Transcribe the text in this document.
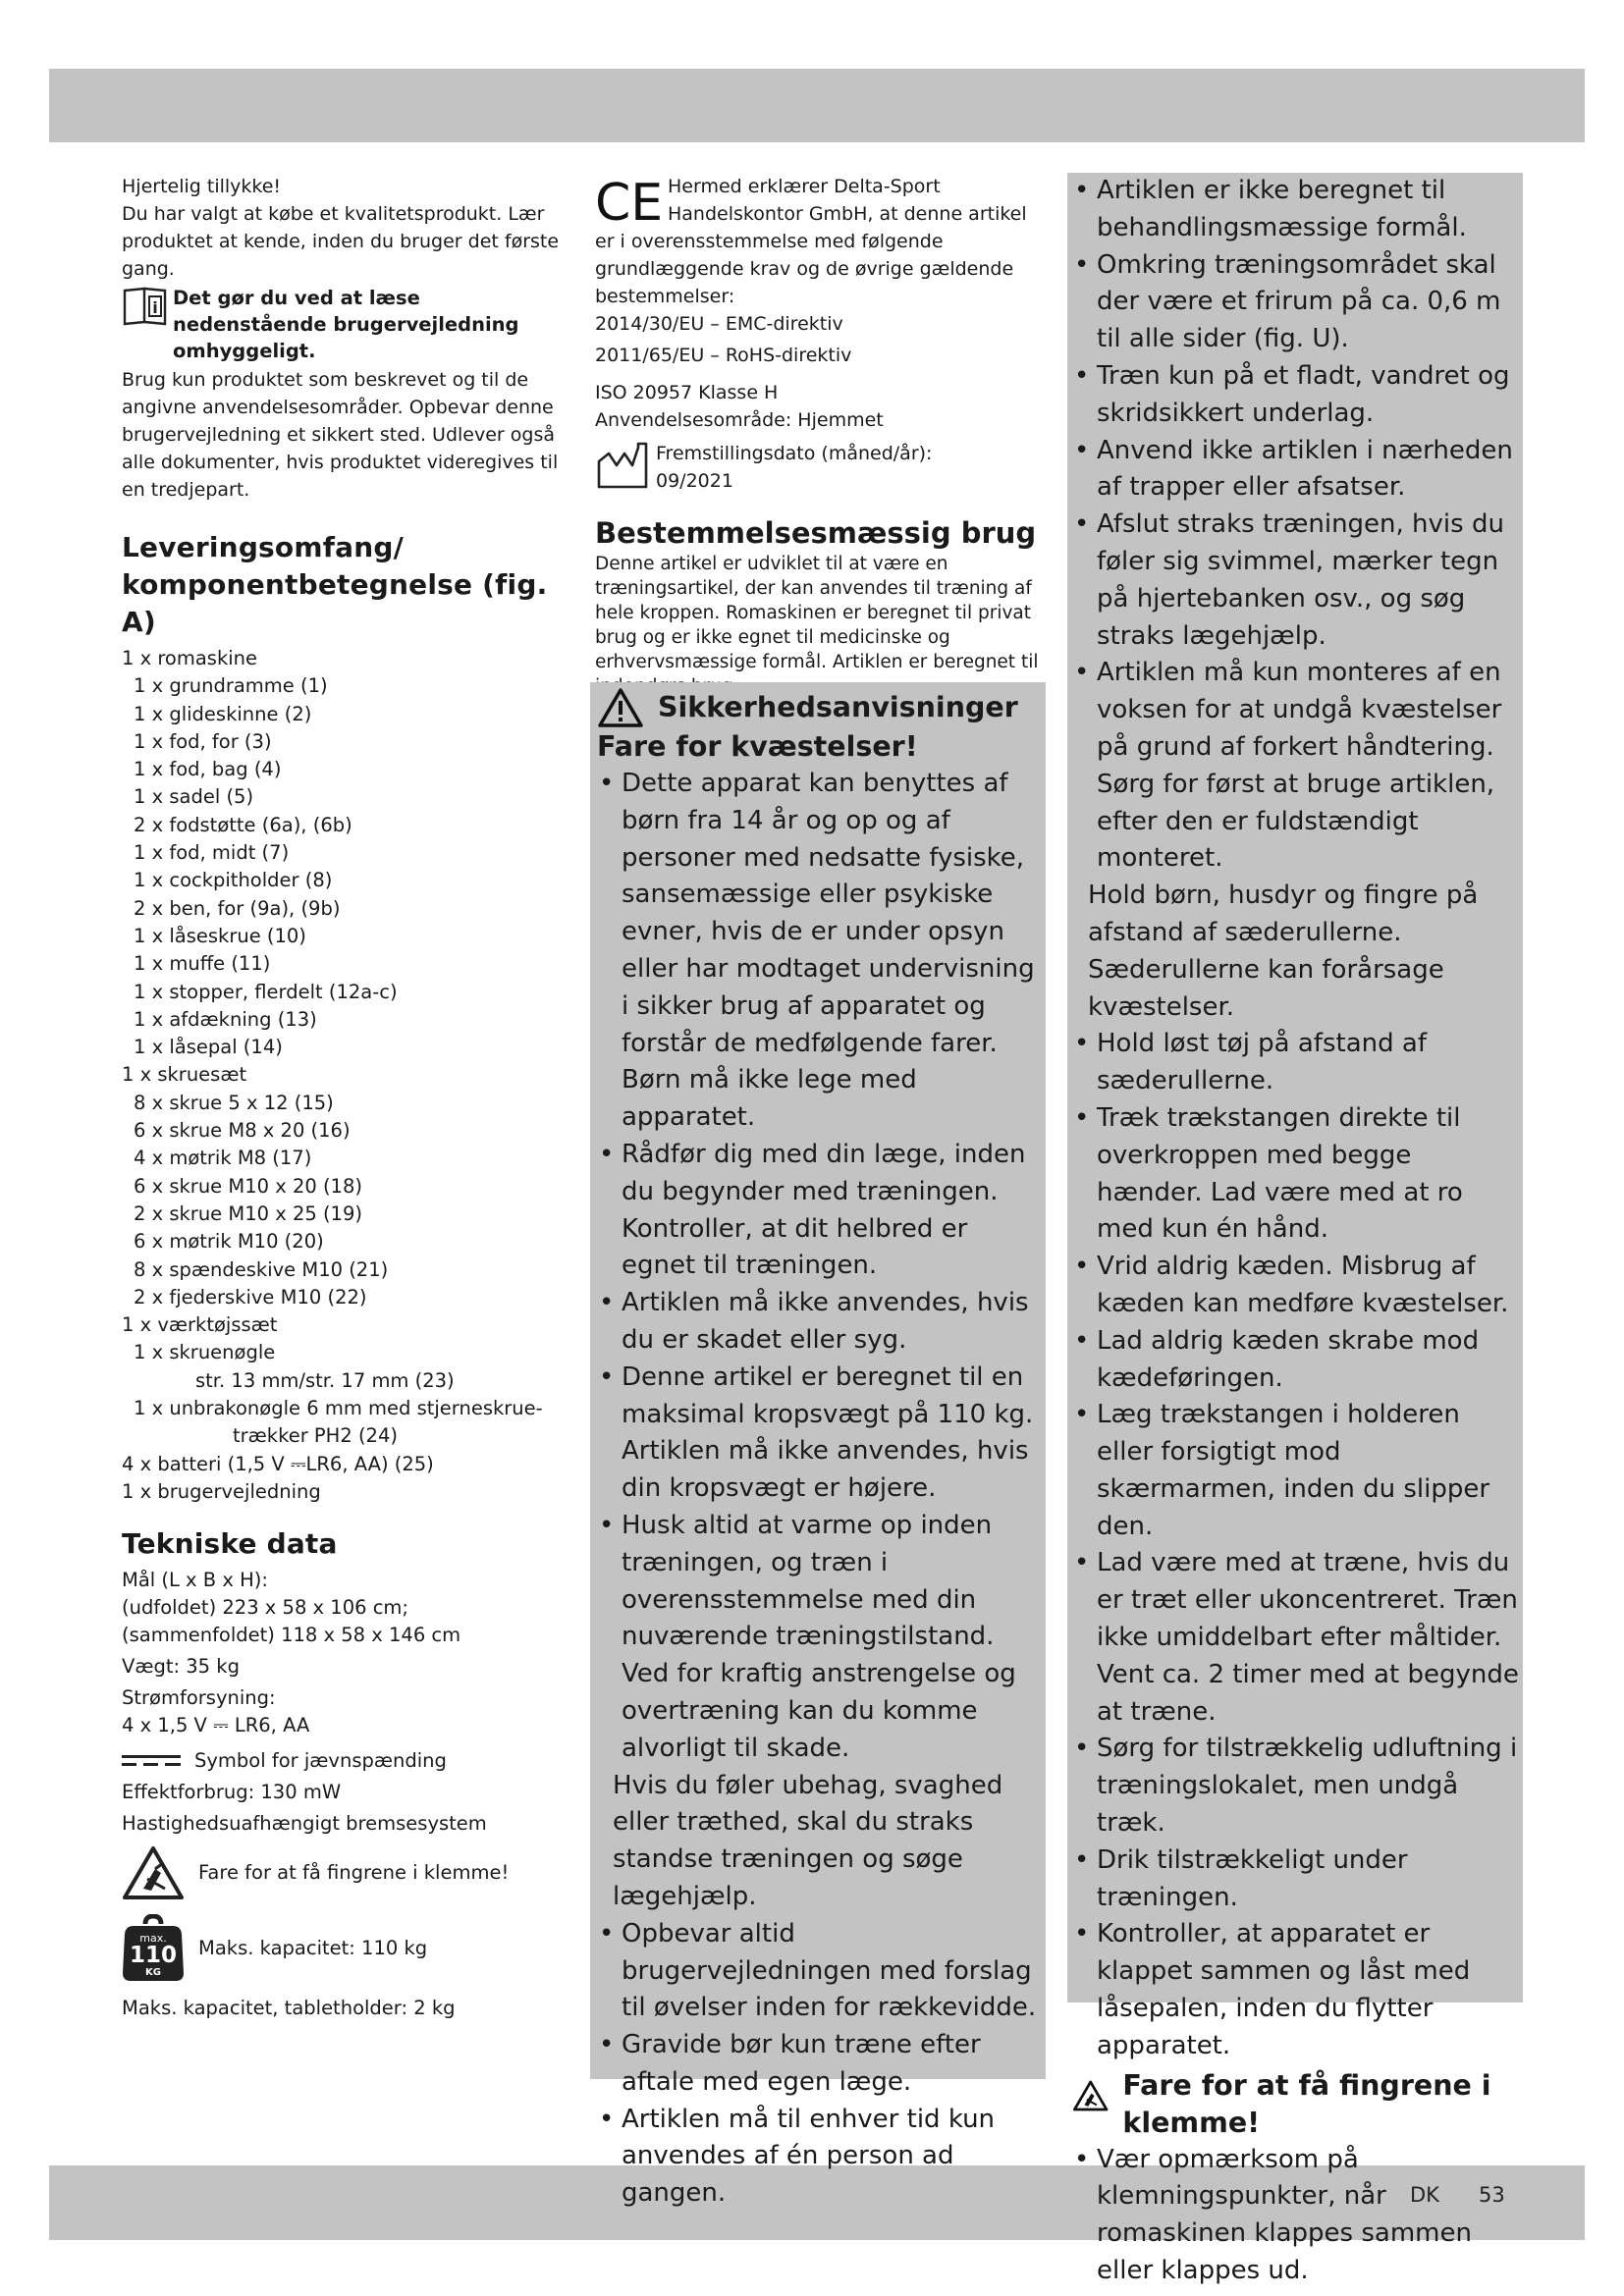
DK 53

Hjertelig tillykke!

Du har valgt at købe et kvalitetsprodukt. Lær produktet at kende, inden du bruger det første gang.

i Det gør du ved at læse nedenstående brugervejledning omhyggeligt.

Brug kun produktet som beskrevet og til de angivne anvendelsesområder. Opbevar denne brugervejledning et sikkert sted. Udlever også alle dokumenter, hvis produktet videregives til en tredjepart.

Leveringsomfang/
komponentbetegnelse (fig. A)
1 x romaskine
1 x grundramme (1)
1 x glideskinne (2)
1 x fod, for (3)
1 x fod, bag (4)
1 x sadel (5)
2 x fodstøtte (6a), (6b)
1 x fod, midt (7)
1 x cockpitholder (8)
2 x ben, for (9a), (9b)
1 x låseskrue (10)
1 x muffe (11)
1 x stopper, flerdelt (12a-c)
1 x afdækning (13)
1 x låsepal (14)
1 x skruesæt
8 x skrue 5 x 12 (15)
6 x skrue M8 x 20 (16)
4 x møtrik M8 (17)
6 x skrue M10 x 20 (18)
2 x skrue M10 x 25 (19)
6 x møtrik M10 (20)
8 x spændeskive M10 (21)
2 x fjederskive M10 (22)
1 x værktøjssæt
1 x skruenøgle
str. 13 mm/str. 17 mm (23)
1 x unbrakonøgle 6 mm med stjerneskrue-
trækker PH2 (24)
4 x batteri (1,5 V ⎓LR6, AA) (25)
1 x brugervejledning
Tekniske data
Mål (L x B x H):
(udfoldet) 223 x 58 x 106 cm;
(sammenfoldet) 118 x 58 x 146 cm
Vægt: 35 kg
Strømforsyning:
4 x 1,5 V ⎓ LR6, AA
Symbol for jævnspænding
Effektforbrug: 130 mW
Hastighedsuafhængigt bremsesystem
Fare for at få fingrene i klemme!
max.
110
KG
Maks. kapacitet: 110 kg
Maks. kapacitet, tabletholder: 2 kg
CE Hermed erklærer Delta-Sport Handelskontor GmbH, at denne artikel er i overensstemmelse med følgende grundlæggende krav og de øvrige gældende bestemmelser:

2014/30/EU – EMC-direktiv

2011/65/EU – RoHS-direktiv

ISO 20957 Klasse H

Anvendelsesområde: Hjemmet

Fremstillingsdato (måned/år):

09/2021

Bestemmelsesmæssig brug

Denne artikel er udviklet til at være en træningsartikel, der kan anvendes til træning af hele kroppen. Romaskinen er beregnet til privat brug og er ikke egnet til medicinske og erhvervsmæssige formål. Artiklen er beregnet til

Sikkerhedsanvisninger
Fare for kvæstelser!
• Dette apparat kan benyttes af børn fra 14 år og op og af personer med nedsatte fysiske, sansemæssige eller psykiske evner, hvis de er under opsyn eller har modtaget undervisning i sikker brug af apparatet og forstår de medfølgende farer. Børn må ikke lege med apparatet.
• Rådfør dig med din læge, inden du begynder med træningen. Kontroller, at dit helbred er egnet til træningen.
• Artiklen må ikke anvendes, hvis du er skadet eller syg.
• Denne artikel er beregnet til en maksimal kropsvægt på 110 kg. Artiklen må ikke anvendes, hvis din kropsvægt er højere.
• Husk altid at varme op inden træningen, og træn i overensstemmelse med din nuværende træningstilstand. Ved for kraftig anstrengelse og overtræning kan du komme alvorligt til skade.
Hvis du føler ubehag, svaghed eller træthed, skal du straks standse træningen og søge lægehjælp.
• Opbevar altid brugervejledningen med forslag til øvelser inden for rækkevidde.
• Gravide bør kun træne efter aftale med egen læge.
• Artiklen må til enhver tid kun anvendes af én person ad gangen.
• Artiklen er ikke beregnet til behandlingsmæssige formål.
• Omkring træningsområdet skal der være et frirum på ca. 0,6 m til alle sider (fig. U).
• Træn kun på et fladt, vandret og skridsikkert underlag.
• Anvend ikke artiklen i nærheden af trapper eller afsatser.
• Afslut straks træningen, hvis du føler sig svimmel, mærker tegn på hjertebanken osv., og søg straks lægehjælp.
• Artiklen må kun monteres af en voksen for at undgå kvæstelser på grund af forkert håndtering. Sørg for først at bruge artiklen, efter den er fuldstændigt monteret.
Hold børn, husdyr og fingre på afstand af sæderullerne. Sæderullerne kan forårsage kvæstelser.
• Hold løst tøj på afstand af sæderullerne.
• Træk trækstangen direkte til overkroppen med begge hænder. Lad være med at ro med kun én hånd.
• Vrid aldrig kæden. Misbrug af kæden kan medføre kvæstelser.
• Lad aldrig kæden skrabe mod kædeføringen.
• Læg trækstangen i holderen eller forsigtigt mod skærmarmen, inden du slipper den.
• Lad være med at træne, hvis du er træt eller ukoncentreret. Træn ikke umiddelbart efter måltider. Vent ca. 2 timer med at begynde at træne.
• Sørg for tilstrækkelig udluftning i træningslokalet, men undgå træk.
• Drik tilstrækkeligt under træningen.
• Kontroller, at apparatet er klappet sammen og låst med låsepalen, inden du flytter apparatet.
Fare for at få fingrene i klemme!
• Vær opmærksom på klemningspunkter, når romaskinen klappes sammen eller klappes ud.
